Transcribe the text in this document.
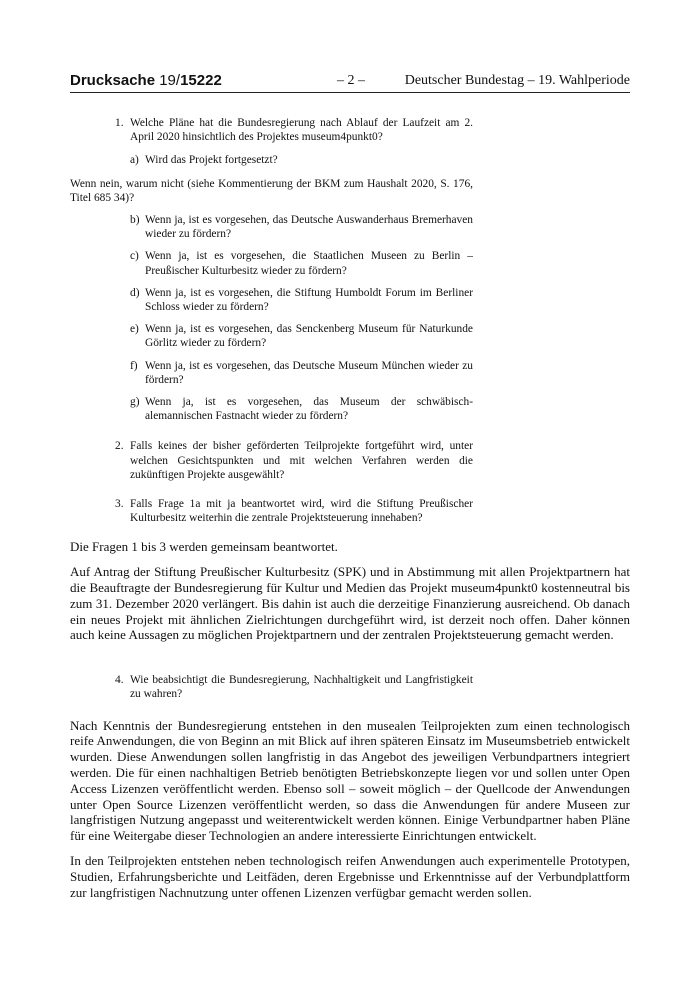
Drucksache 19/15222	– 2 –	Deutscher Bundestag – 19. Wahlperiode
1. Welche Pläne hat die Bundesregierung nach Ablauf der Laufzeit am 2. April 2020 hinsichtlich des Projektes museum4punkt0?
a) Wird das Projekt fortgesetzt?
Wenn nein, warum nicht (siehe Kommentierung der BKM zum Haushalt 2020, S. 176, Titel 685 34)?
b) Wenn ja, ist es vorgesehen, das Deutsche Auswanderhaus Bremerhaven wieder zu fördern?
c) Wenn ja, ist es vorgesehen, die Staatlichen Museen zu Berlin – Preußischer Kulturbesitz wieder zu fördern?
d) Wenn ja, ist es vorgesehen, die Stiftung Humboldt Forum im Berliner Schloss wieder zu fördern?
e) Wenn ja, ist es vorgesehen, das Senckenberg Museum für Naturkunde Görlitz wieder zu fördern?
f) Wenn ja, ist es vorgesehen, das Deutsche Museum München wieder zu fördern?
g) Wenn ja, ist es vorgesehen, das Museum der schwäbisch-alemannischen Fastnacht wieder zu fördern?
2. Falls keines der bisher geförderten Teilprojekte fortgeführt wird, unter welchen Gesichtspunkten und mit welchen Verfahren werden die zukünftigen Projekte ausgewählt?
3. Falls Frage 1a mit ja beantwortet wird, wird die Stiftung Preußischer Kulturbesitz weiterhin die zentrale Projektsteuerung innehaben?

Die Fragen 1 bis 3 werden gemeinsam beantwortet.

Auf Antrag der Stiftung Preußischer Kulturbesitz (SPK) und in Abstimmung mit allen Projektpartnern hat die Beauftragte der Bundesregierung für Kultur und Medien das Projekt museum4punkt0 kostenneutral bis zum 31. Dezember 2020 verlängert. Bis dahin ist auch die derzeitige Finanzierung ausreichend. Ob danach ein neues Projekt mit ähnlichen Zielrichtungen durchgeführt wird, ist derzeit noch offen. Daher können auch keine Aussagen zu möglichen Projektpartnern und der zentralen Projektsteuerung gemacht werden.

4. Wie beabsichtigt die Bundesregierung, Nachhaltigkeit und Langfristigkeit zu wahren?

Nach Kenntnis der Bundesregierung entstehen in den musealen Teilprojekten zum einen technologisch reife Anwendungen, die von Beginn an mit Blick auf ihren späteren Einsatz im Museumsbetrieb entwickelt wurden. Diese Anwendungen sollen langfristig in das Angebot des jeweiligen Verbundpartners integriert werden. Die für einen nachhaltigen Betrieb benötigten Betriebskonzepte liegen vor und sollen unter Open Access Lizenzen veröffentlicht werden. Ebenso soll – soweit möglich – der Quellcode der Anwendungen unter Open Source Lizenzen veröffentlicht werden, so dass die Anwendungen für andere Museen zur langfristigen Nutzung angepasst und weiterentwickelt werden können. Einige Verbundpartner haben Pläne für eine Weitergabe dieser Technologien an andere interessierte Einrichtungen entwickelt.

In den Teilprojekten entstehen neben technologisch reifen Anwendungen auch experimentelle Prototypen, Studien, Erfahrungsberichte und Leitfäden, deren Ergebnisse und Erkenntnisse auf der Verbundplattform zur langfristigen Nachnutzung unter offenen Lizenzen verfügbar gemacht werden sollen.
